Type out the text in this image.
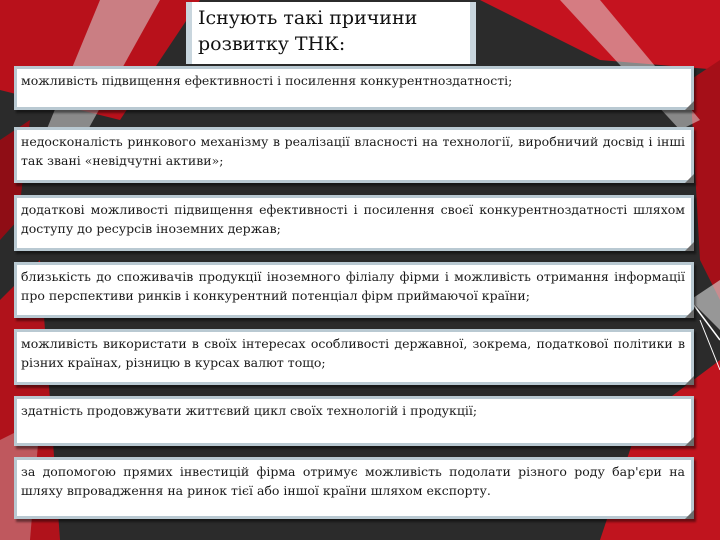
Існують такі причини
розвитку ТНК:
можливість підвищення ефективності і посилення конкурентноздатності;
недосконалість ринкового механізму в реалізації власності на технології, виробничий досвід і інші так звані «невідчутні активи»;
додаткові можливості підвищення ефективності і посилення своєї конкурентноздатності шляхом доступу до ресурсів іноземних держав;
близькість до споживачів продукції іноземного філіалу фірми і можливість отримання інформації про перспективи ринків і конкурентний потенціал фірм приймаючої країни;
можливість використати в своїх інтересах особливості державної, зокрема, податкової політики в різних країнах, різницю в курсах валют тощо;
здатність продовжувати життєвий цикл своїх технологій і продукції;
за допомогою прямих інвестицій фірма отримує можливість подолати різного роду бар'єри на шляху впровадження на ринок тієї або іншої країни шляхом експорту.
